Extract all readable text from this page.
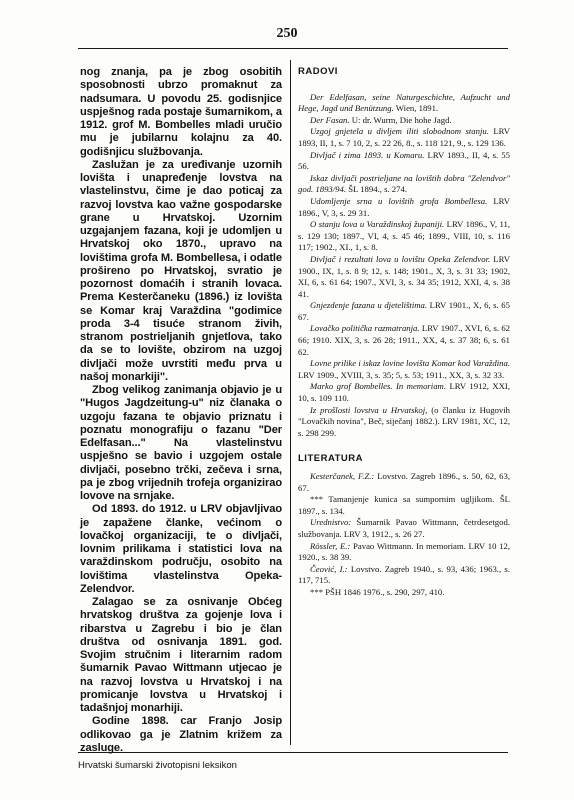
250

nog znanja, pa je zbog osobitih sposobnosti ubrzo promaknut za nadsumara. U povodu 25. godisnjice uspješnog rada postaje šumarnikom, a 1912. grof M. Bombelles mladi uručio mu je jubilarnu kolajnu za 40. godišnjicu službovanja.

Zaslužan je za uređivanje uzornih lovišta i unapređenje lovstva na vlastelinstvu, čime je dao poticaj za razvoj lovstva kao važne gospodarske grane u Hrvatskoj. Uzornim uzgajanjem fazana, koji je udomljen u Hrvatskoj oko 1870., upravo na lovištima grofa M. Bombellesa, i odatle prošireno po Hrvatskoj, svratio je pozornost domaćih i stranih lovaca. Prema Kesterčaneku (1896.) iz lovišta se Komar kraj Varaždina "godimice proda 3-4 tisuće stranom živih, stranom postrieljanih gnjetlova, tako da se to lovište, obzirom na uzgoj divljači može uvrstiti među prva u našoj monarkiji".

Zbog velikog zanimanja objavio je u "Hugos Jagdzeitung-u" niz članaka o uzgoju fazana te objavio priznatu i poznatu monografiju o fazanu "Der Edelfasan..." Na vlastelinstvu uspješno se bavio i uzgojem ostale divljači, posebno trčki, zečeva i srna, pa je zbog vrijednih trofeja organizirao lovove na srnjake.

Od 1893. do 1912. u LRV objavljivao je zapažene članke, većinom o lovačkoj organizaciji, te o divljači, lovnim prilikama i statistici lova na varaždinskom području, osobito na lovištima vlastelinstva Opeka-Zelendvor.

Zalagao se za osnivanje Obćeg hrvatskog društva za gojenje lova i ribarstva u Zagrebu i bio je član društva od osnivanja 1891. god. Svojim stručnim i literarnim radom šumarnik Pavao Wittmann utjecao je na razvoj lovstva u Hrvatskoj i na promicanje lovstva u Hrvatskoj i tadašnjoj monarhiji.

Godine 1898. car Franjo Josip odlikovao ga je Zlatnim križem za zasluge.

RADOVI

Der Edelfasan, seine Naturgeschichte, Aufzucht und Hege, Jagd und Benützung. Wien, 1891.

Der Fasan. U: dr. Wurm, Die hohe Jagd.

Uzgoj gnjetela u divljem iliti slobodnom stanju. LRV 1893, II, 1, s. 7 10, 2, s. 22 26, 8., s. 118 121, 9., s. 129 136.

Divljač i zima 1893. u Komaru. LRV 1893., II, 4, s. 55 56.

Iskaz divljači postrieljane na lovištih dobra "Zelendvor" god. 1893/94. ŠL 1894., s. 274.

Udomljenje srna u lovištih grofa Bombellesa. LRV 1896., V, 3, s. 29 31.

O stanju lova u Varaždinskoj županiji. LRV 1896., V, 11, s. 129 130; 1897., VI, 4, s. 45 46; 1899., VIII, 10, s. 116 117; 1902., XI., 1, s. 8.

Divljač i rezultati lova u lovištu Opeka Zelendvor. LRV 1900., IX, 1, s. 8 9; 12, s. 148; 1901., X, 3, s. 31 33; 1902, XI, 6, s. 61 64; 1907., XVI, 3, s. 34 35; 1912, XXI, 4, s. 38 41.

Gnjezdenje fazana u djetelištima. LRV 1901., X, 6, s. 65 67.

Lovačko politička razmatranja. LRV 1907., XVI, 6, s. 62 66; 1910. XIX, 3, s. 26 28; 1911., XX, 4, s. 37 38; 6, s. 61 62.

Lovne prilike i iskaz lovine lovišta Komar kod Varaždina. LRV 1909., XVIII, 3, s. 35; 5, s. 53; 1911., XX, 3, s. 32 33.

Marko grof Bombelles. In memoriam. LRV 1912, XXI, 10, s. 109 110.

Iz prošlosti lovstva u Hrvatskoj, (o članku iz Hugovih "Lovačkih novina", Beč, siječanj 1882.). LRV 1981, XC, 12, s. 298 299.

LITERATURA

Kesterčanek, F.Z.: Lovstvo. Zagreb 1896., s. 50, 62, 63, 67.

*** Tamanjenje kunica sa sumpornim ugljikom. ŠL 1897., s. 134.

Urednistvo: Šumarnik Pavao Wittmann, četrdesetgod. službovanja. LRV 3, 1912., s. 26 27.

Rössler, E.: Pavao Wittmann. In memoriam. LRV 10 12, 1920., s. 38 39.

Čeović, I.: Lovstvo. Zagreb 1940., s. 93, 436; 1963., s. 117, 715.

*** PŠH 1846 1976., s. 290, 297, 410.

Hrvatski šumarski životopisni leksikon
